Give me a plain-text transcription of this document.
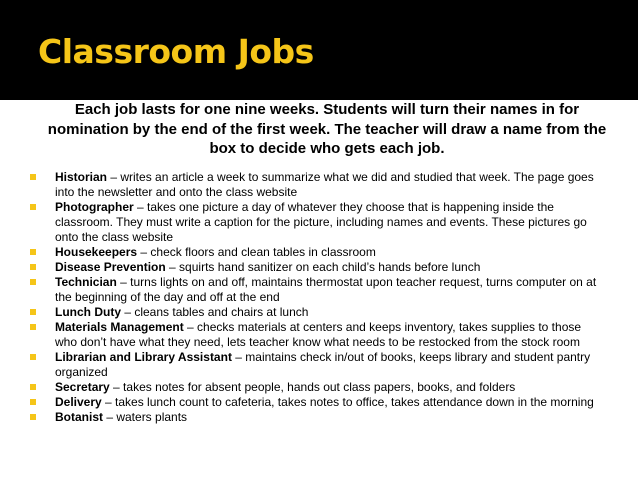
Classroom Jobs
Each job lasts for one nine weeks. Students will turn their names in for nomination by the end of the first week. The teacher will draw a name from the box to decide who gets each job.
Historian – writes an article a week to summarize what we did and studied that week. The page goes into the newsletter and onto the class website
Photographer – takes one picture a day of whatever they choose that is happening inside the classroom. They must write a caption for the picture, including names and events. These pictures go onto the class website
Housekeepers – check floors and clean tables in classroom
Disease Prevention – squirts hand sanitizer on each child’s hands before lunch
Technician – turns lights on and off, maintains thermostat upon teacher request, turns computer on at the beginning of the day and off at the end
Lunch Duty – cleans tables and chairs at lunch
Materials Management – checks materials at centers and keeps inventory, takes supplies to those who don’t have what they need, lets teacher know what needs to be restocked from the stock room
Librarian and Library Assistant – maintains check in/out of books, keeps library and student pantry organized
Secretary – takes notes for absent people, hands out class papers, books, and folders
Delivery – takes lunch count to cafeteria, takes notes to office, takes attendance down in the morning
Botanist – waters plants
